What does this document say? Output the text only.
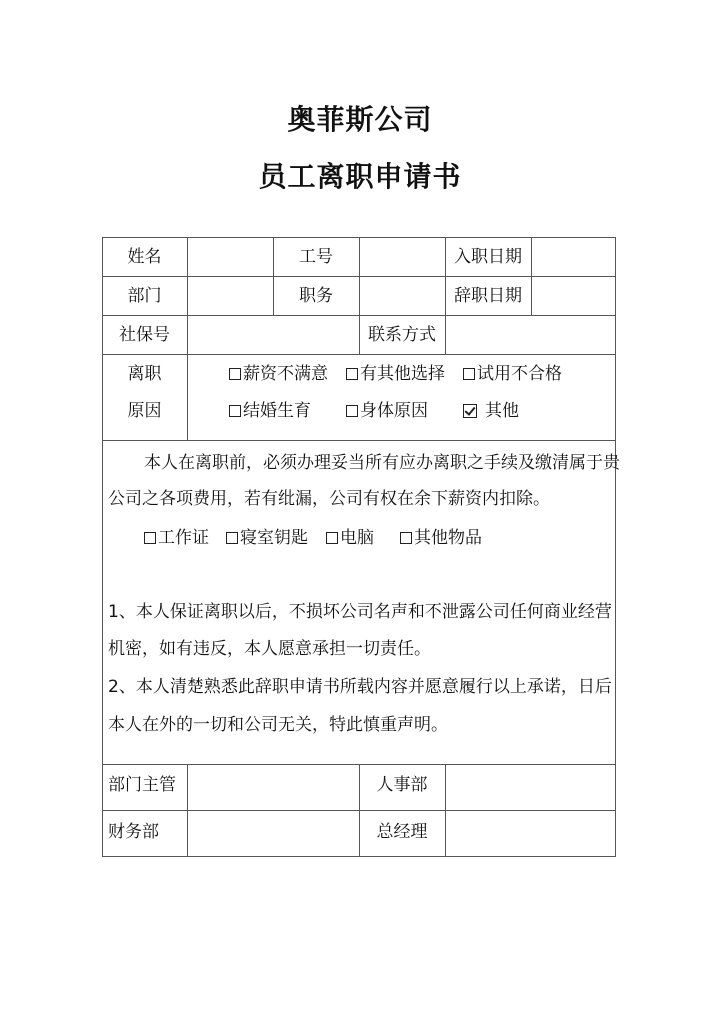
奥菲斯公司
员工离职申请书
姓名	工号	入职日期
部门	职务	辞职日期
社保号	联系方式
离职
原因
薪资不满意	有其他选择	试用不合格
结婚生育	身体原因	其他
本人在离职前，必须办理妥当所有应办离职之手续及缴清属于贵
公司之各项费用，若有纰漏，公司有权在余下薪资内扣除。
工作证	寝室钥匙	电脑	其他物品
1、本人保证离职以后，不损坏公司名声和不泄露公司任何商业经营
机密，如有违反，本人愿意承担一切责任。
2、本人清楚熟悉此辞职申请书所载内容并愿意履行以上承诺，日后
本人在外的一切和公司无关，特此慎重声明。
部门主管	人事部
财务部	总经理
